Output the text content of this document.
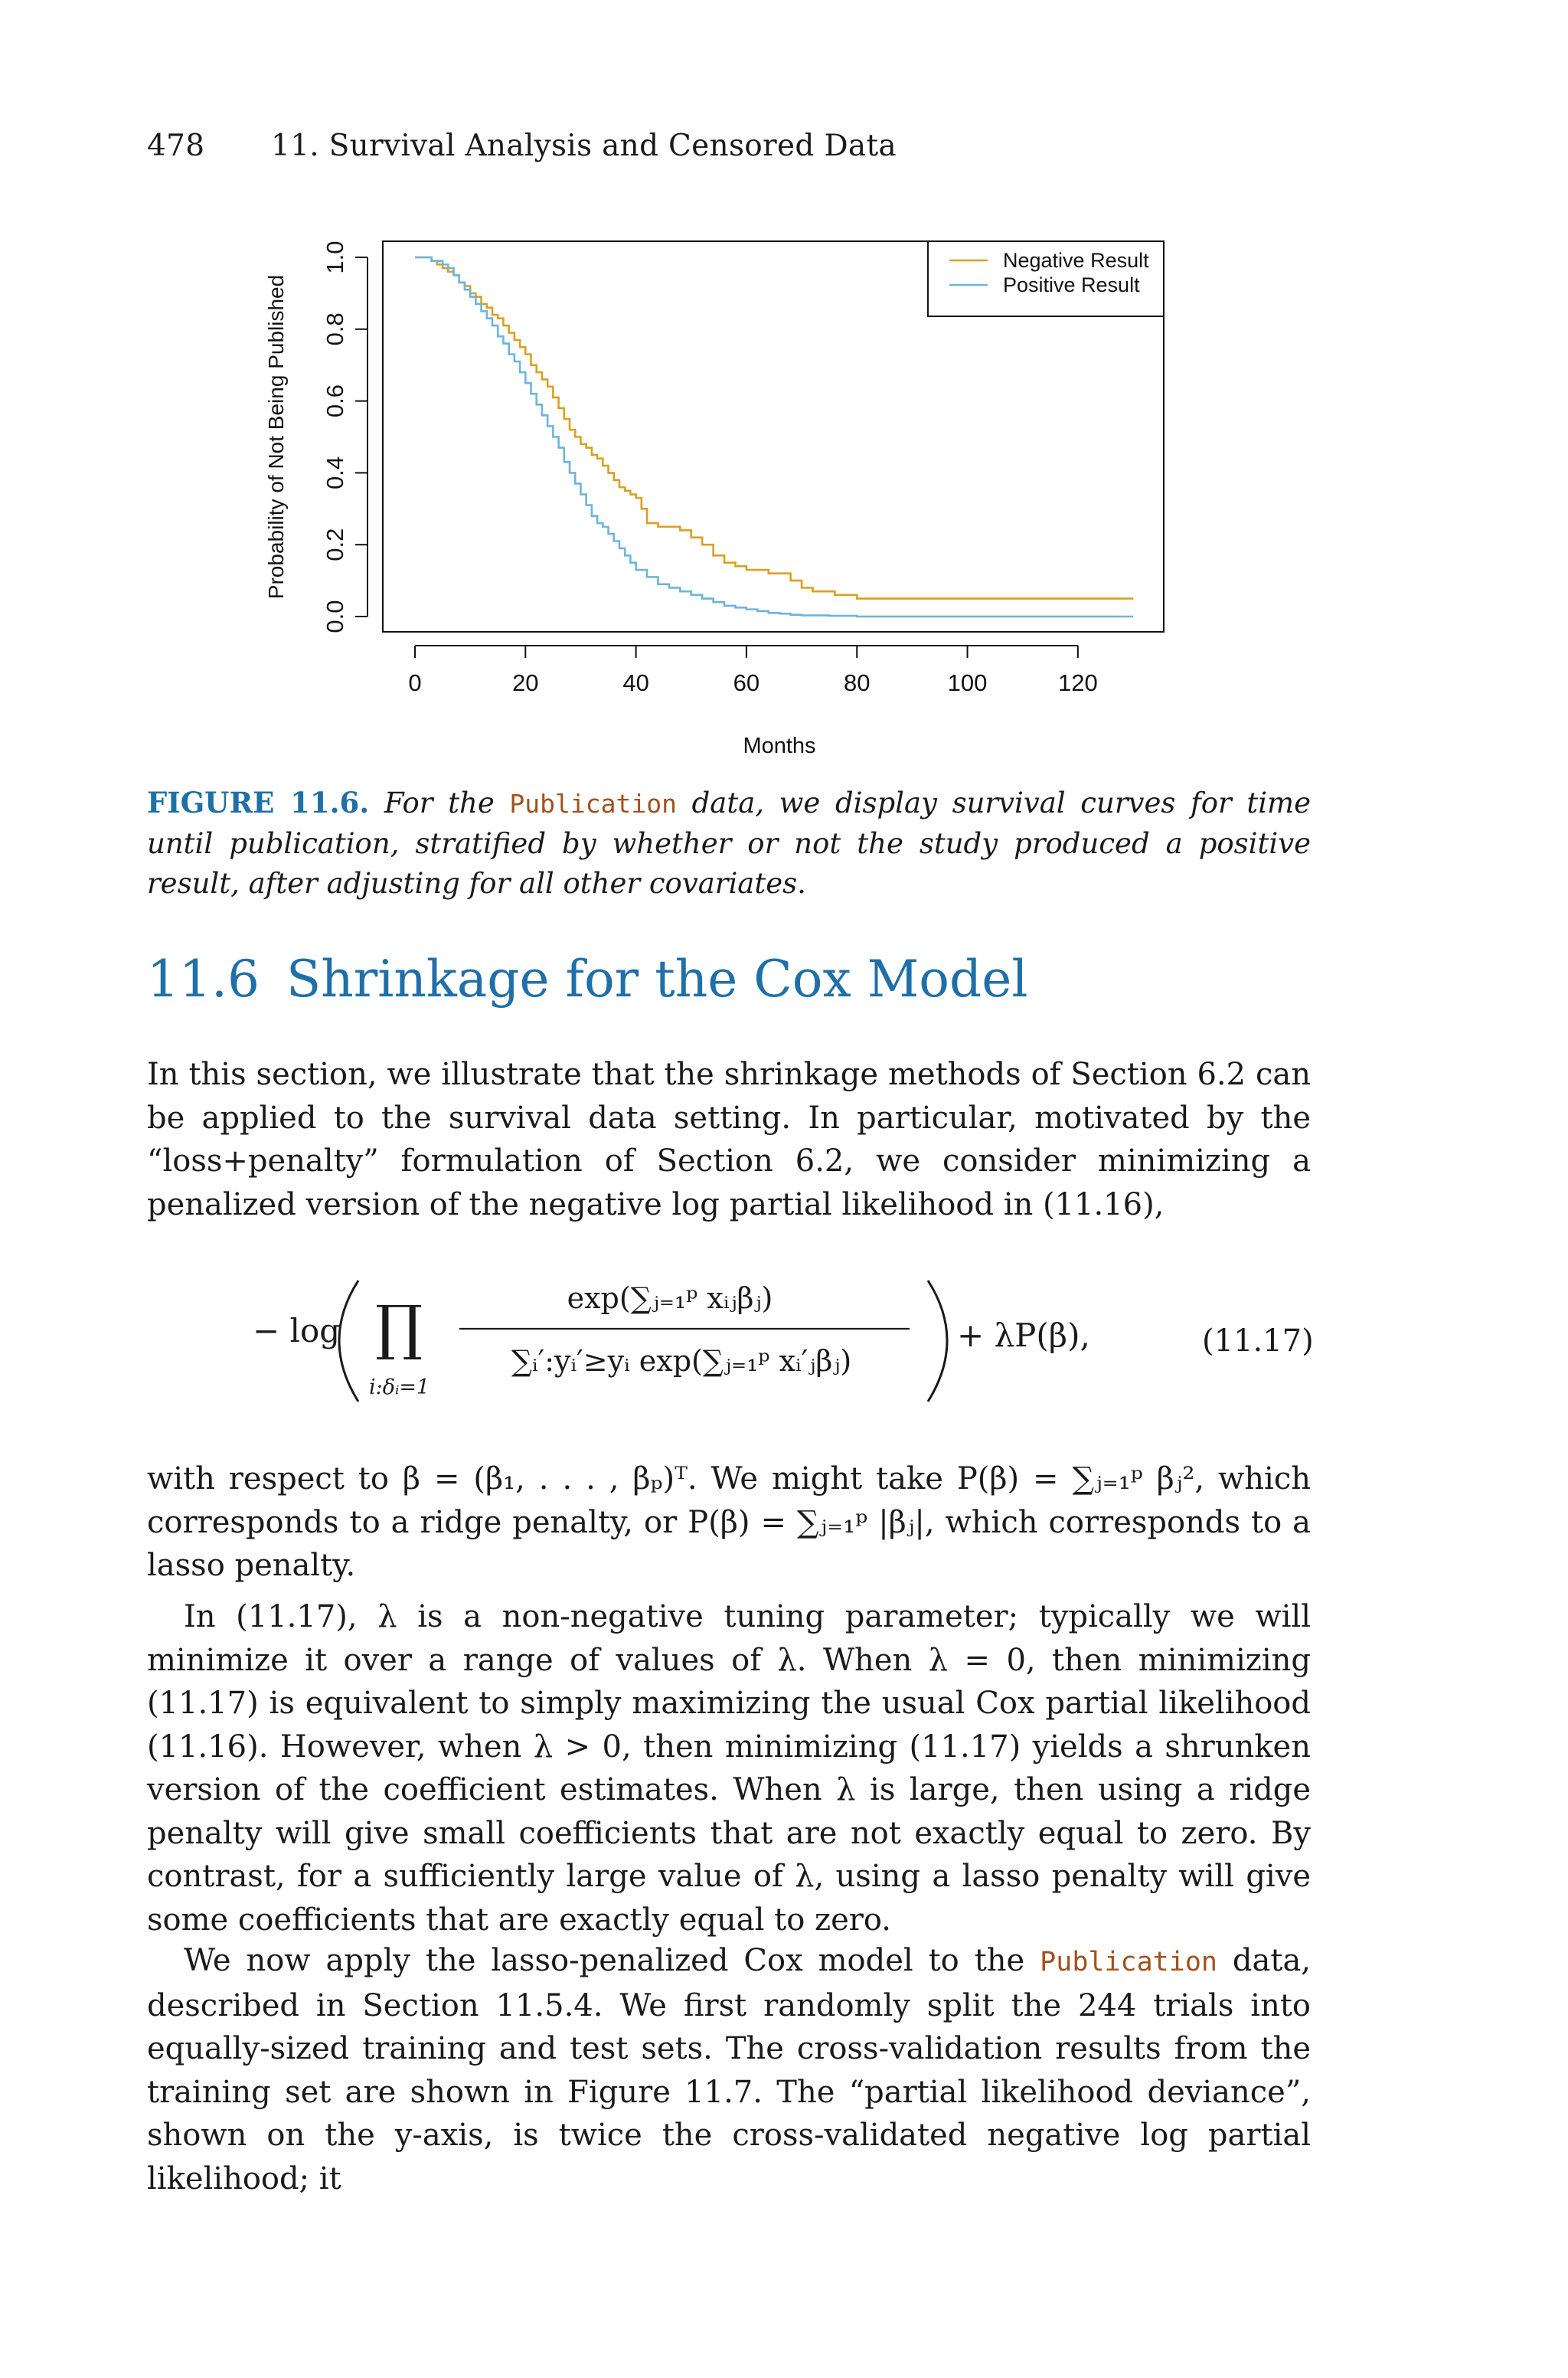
478 11. Survival Analysis and Censored Data
0	20	40	60	80	100	120
Months
0.0
0.2
0.4
0.6
0.8
1.0
Probability of Not Being Published
Negative Result
Positive Result
FIGURE 11.6. For the Publication data, we display survival curves for time until publication, stratified by whether or not the study produced a positive result, after adjusting for all other covariates.
11.6 Shrinkage for the Cox Model

In this section, we illustrate that the shrinkage methods of Section 6.2 can be applied to the survival data setting. In particular, motivated by the “loss+penalty” formulation of Section 6.2, we consider minimizing a penalized version of the negative log partial likelihood in (11.16),

− log ∏
i:δᵢ=1
exp(∑ⱼ₌₁ᵖ xᵢⱼβⱼ)
∑ᵢ′:yᵢ′≥yᵢ exp(∑ⱼ₌₁ᵖ xᵢ′ⱼβⱼ)
+ λP(β),	(11.17)

with respect to β = (β₁, . . . , βₚ)ᵀ. We might take P(β) = ∑ⱼ₌₁ᵖ βⱼ², which corresponds to a ridge penalty, or P(β) = ∑ⱼ₌₁ᵖ |βⱼ|, which corresponds to a lasso penalty.

In (11.17), λ is a non-negative tuning parameter; typically we will minimize it over a range of values of λ. When λ = 0, then minimizing (11.17) is equivalent to simply maximizing the usual Cox partial likelihood (11.16). However, when λ > 0, then minimizing (11.17) yields a shrunken version of the coefficient estimates. When λ is large, then using a ridge penalty will give small coefficients that are not exactly equal to zero. By contrast, for a sufficiently large value of λ, using a lasso penalty will give some coefficients that are exactly equal to zero.

We now apply the lasso-penalized Cox model to the Publication data, described in Section 11.5.4. We first randomly split the 244 trials into equally-sized training and test sets. The cross-validation results from the training set are shown in Figure 11.7. The “partial likelihood deviance”, shown on the y-axis, is twice the cross-validated negative log partial likelihood; it
